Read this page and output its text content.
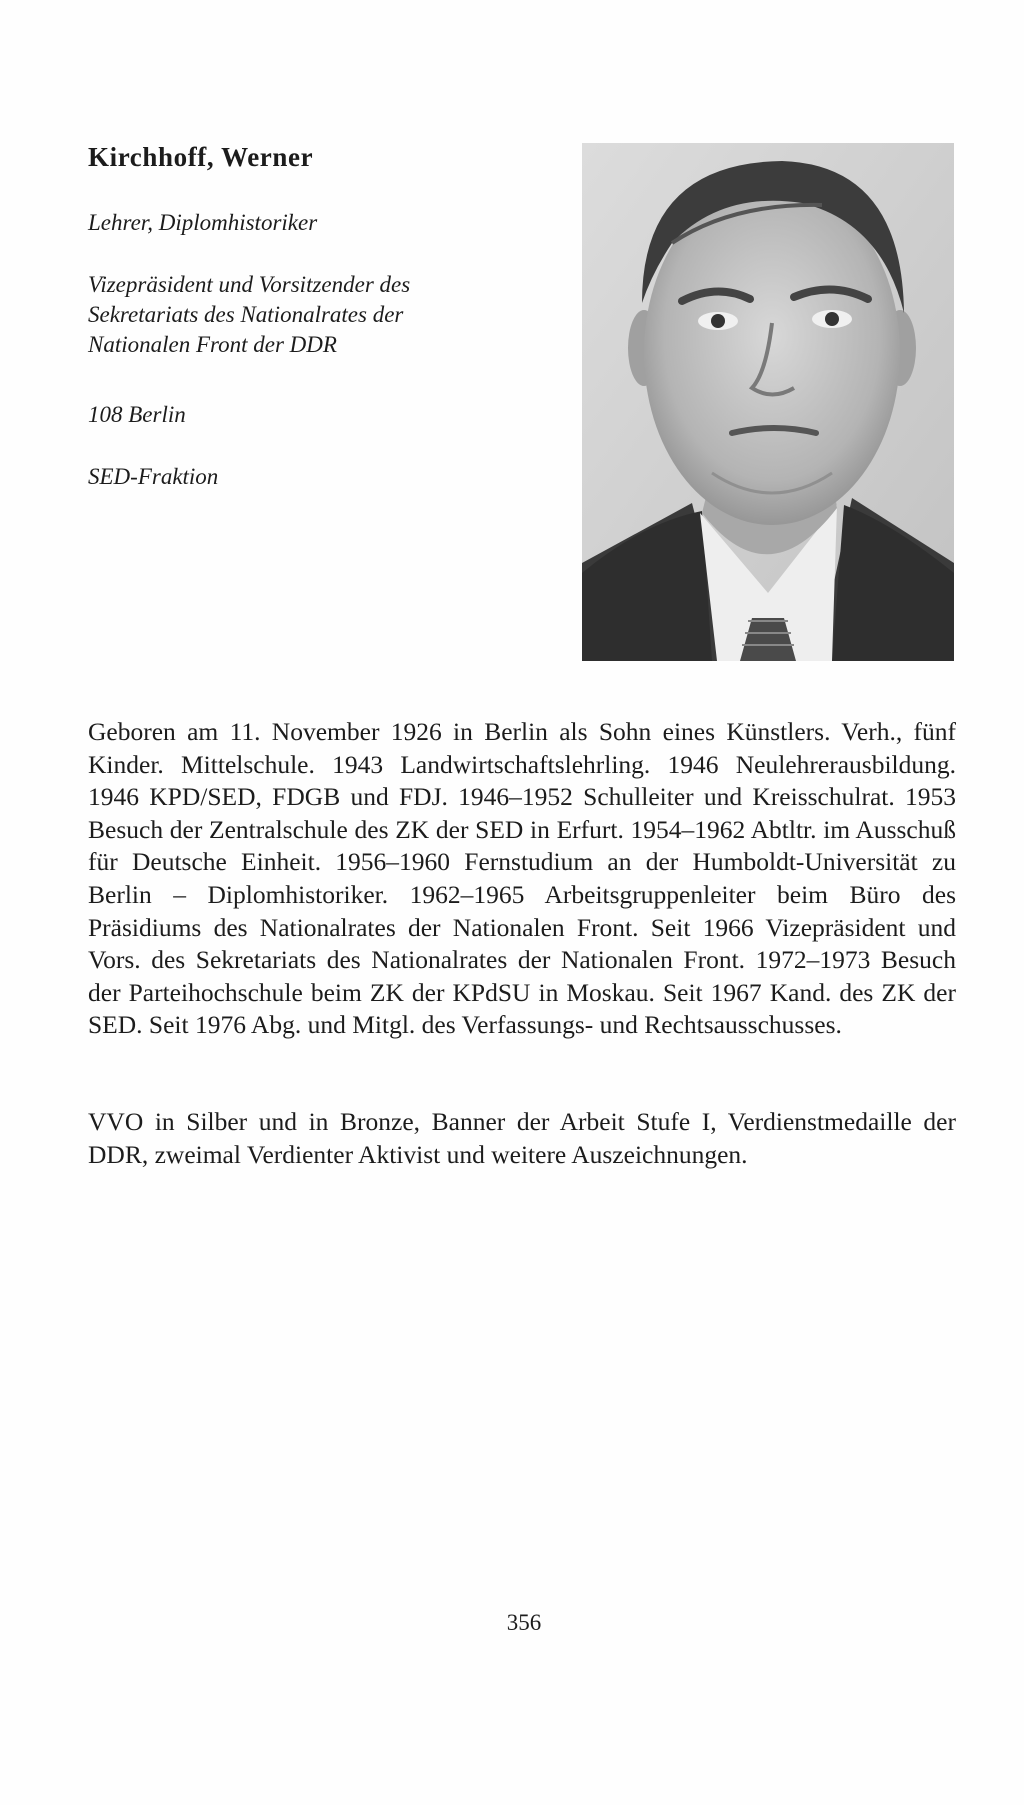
Kirchhoff, Werner

Lehrer, Diplomhistoriker

Vizepräsident und Vorsitzender des Sekretariats des Nationalrates der Nationalen Front der DDR

108 Berlin

SED-Fraktion

Geboren am 11. November 1926 in Berlin als Sohn eines Künstlers. Verh., fünf Kinder. Mittelschule. 1943 Landwirtschaftslehrling. 1946 Neulehrerausbildung. 1946 KPD/SED, FDGB und FDJ. 1946–1952 Schulleiter und Kreisschulrat. 1953 Besuch der Zentralschule des ZK der SED in Erfurt. 1954–1962 Abtltr. im Ausschuß für Deutsche Einheit. 1956–1960 Fernstudium an der Humboldt-Universität zu Berlin – Diplomhistoriker. 1962–1965 Arbeitsgruppenleiter beim Büro des Präsidiums des Nationalrates der Nationalen Front. Seit 1966 Vizepräsident und Vors. des Sekretariats des Nationalrates der Nationalen Front. 1972–1973 Besuch der Parteihochschule beim ZK der KPdSU in Moskau. Seit 1967 Kand. des ZK der SED. Seit 1976 Abg. und Mitgl. des Verfassungs- und Rechtsausschusses.

VVO in Silber und in Bronze, Banner der Arbeit Stufe I, Verdienstmedaille der DDR, zweimal Verdienter Aktivist und weitere Auszeichnungen.

356
